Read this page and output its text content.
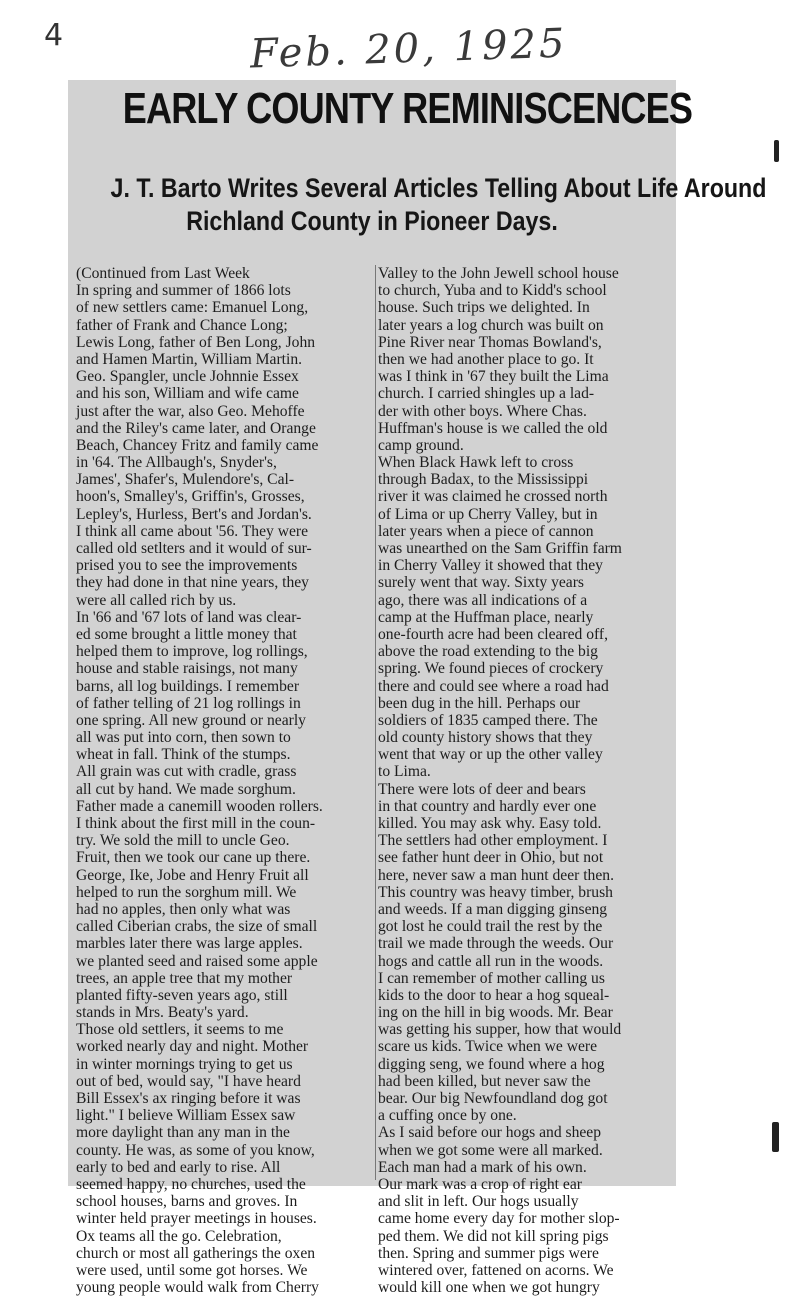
4	Feb. 20, 1925
EARLY COUNTY REMINISCENCES
J. T. Barto Writes Several Articles Telling About Life Around
Richland County in Pioneer Days.
(Continued from Last Week
In spring and summer of 1866 lots
of new settlers came: Emanuel Long,
father of Frank and Chance Long;
Lewis Long, father of Ben Long, John
and Hamen Martin, William Martin.
Geo. Spangler, uncle Johnnie Essex
and his son, William and wife came
just after the war, also Geo. Mehoffe
and the Riley's came later, and Orange
Beach, Chancey Fritz and family came
in '64. The Allbaugh's, Snyder's,
James', Shafer's, Mulendore's, Cal-
hoon's, Smalley's, Griffin's, Grosses,
Lepley's, Hurless, Bert's and Jordan's.
I think all came about '56. They were
called old setlters and it would of sur-
prised you to see the improvements
they had done in that nine years, they
were all called rich by us.
In '66 and '67 lots of land was clear-
ed some brought a little money that
helped them to improve, log rollings,
house and stable raisings, not many
barns, all log buildings. I remember
of father telling of 21 log rollings in
one spring. All new ground or nearly
all was put into corn, then sown to
wheat in fall. Think of the stumps.
All grain was cut with cradle, grass
all cut by hand. We made sorghum.
Father made a canemill wooden rollers.
I think about the first mill in the coun-
try. We sold the mill to uncle Geo.
Fruit, then we took our cane up there.
George, Ike, Jobe and Henry Fruit all
helped to run the sorghum mill. We
had no apples, then only what was
called Ciberian crabs, the size of small
marbles later there was large apples.
we planted seed and raised some apple
trees, an apple tree that my mother
planted fifty-seven years ago, still
stands in Mrs. Beaty's yard.
Those old settlers, it seems to me
worked nearly day and night. Mother
in winter mornings trying to get us
out of bed, would say, "I have heard
Bill Essex's ax ringing before it was
light." I believe William Essex saw
more daylight than any man in the
county. He was, as some of you know,
early to bed and early to rise. All
seemed happy, no churches, used the
school houses, barns and groves. In
winter held prayer meetings in houses.
Ox teams all the go. Celebration,
church or most all gatherings the oxen
were used, until some got horses. We
young people would walk from Cherry
Valley to the John Jewell school house
to church, Yuba and to Kidd's school
house. Such trips we delighted. In
later years a log church was built on
Pine River near Thomas Bowland's,
then we had another place to go. It
was I think in '67 they built the Lima
church. I carried shingles up a lad-
der with other boys. Where Chas.
Huffman's house is we called the old
camp ground.
When Black Hawk left to cross
through Badax, to the Mississippi
river it was claimed he crossed north
of Lima or up Cherry Valley, but in
later years when a piece of cannon
was unearthed on the Sam Griffin farm
in Cherry Valley it showed that they
surely went that way. Sixty years
ago, there was all indications of a
camp at the Huffman place, nearly
one-fourth acre had been cleared off,
above the road extending to the big
spring. We found pieces of crockery
there and could see where a road had
been dug in the hill. Perhaps our
soldiers of 1835 camped there. The
old county history shows that they
went that way or up the other valley
to Lima.
There were lots of deer and bears
in that country and hardly ever one
killed. You may ask why. Easy told.
The settlers had other employment. I
see father hunt deer in Ohio, but not
here, never saw a man hunt deer then.
This country was heavy timber, brush
and weeds. If a man digging ginseng
got lost he could trail the rest by the
trail we made through the weeds. Our
hogs and cattle all run in the woods.
I can remember of mother calling us
kids to the door to hear a hog squeal-
ing on the hill in big woods. Mr. Bear
was getting his supper, how that would
scare us kids. Twice when we were
digging seng, we found where a hog
had been killed, but never saw the
bear. Our big Newfoundland dog got
a cuffing once by one.
As I said before our hogs and sheep
when we got some were all marked.
Each man had a mark of his own.
Our mark was a crop of right ear
and slit in left. Our hogs usually
came home every day for mother slop-
ped them. We did not kill spring pigs
then. Spring and summer pigs were
wintered over, fattened on acorns. We
would kill one when we got hungry
